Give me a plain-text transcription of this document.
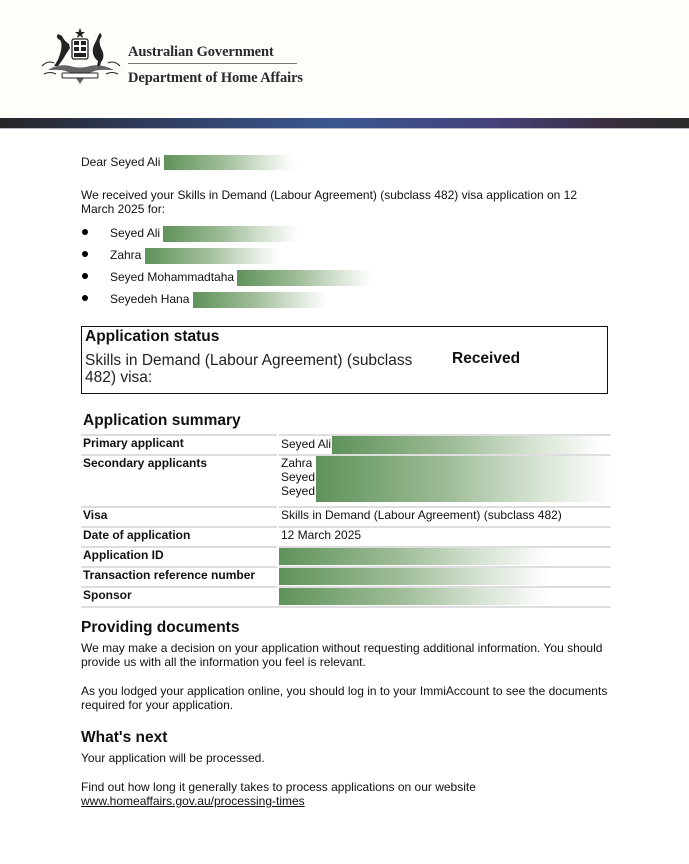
Australian Government
Department of Home Affairs

Dear Seyed Ali

We received your Skills in Demand (Labour Agreement) (subclass 482) visa application on 12 March 2025 for:

Seyed Ali
Zahra
Seyed Mohammadtaha
Seyedeh Hana
Application status
Skills in Demand (Labour Agreement) (subclass 482) visa:
Received
Application summary
Primary applicant	Seyed Ali
Secondary applicants	Zahra
Seyed
Seyed

Visa	Skills in Demand (Labour Agreement) (subclass 482)
Date of application	12 March 2025
Application ID	
Transaction reference number	
Sponsor	
Providing documents

We may make a decision on your application without requesting additional information. You should provide us with all the information you feel is relevant.

As you lodged your application online, you should log in to your ImmiAccount to see the documents required for your application.

What's next

Your application will be processed.

Find out how long it generally takes to process applications on our website
www.homeaffairs.gov.au/processing-times
